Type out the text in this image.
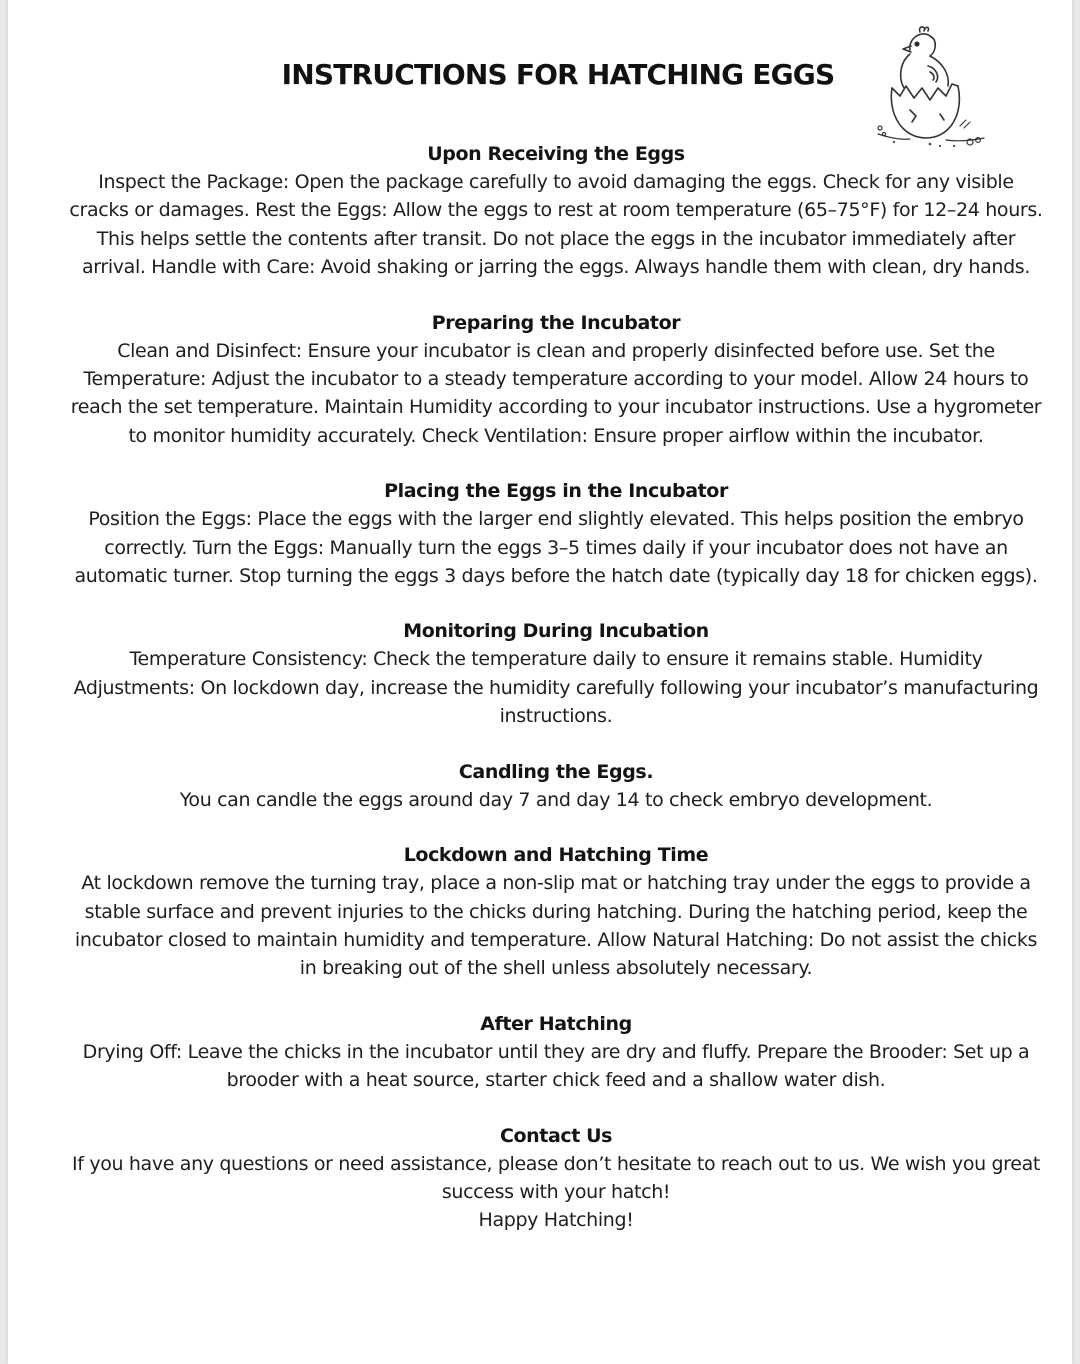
INSTRUCTIONS FOR HATCHING EGGS
Upon Receiving the Eggs

Inspect the Package: Open the package carefully to avoid damaging the eggs. Check for any visible cracks or damages. Rest the Eggs: Allow the eggs to rest at room temperature (65–75°F) for 12–24 hours. This helps settle the contents after transit. Do not place the eggs in the incubator immediately after arrival. Handle with Care: Avoid shaking or jarring the eggs. Always handle them with clean, dry hands.

Preparing the Incubator

Clean and Disinfect: Ensure your incubator is clean and properly disinfected before use. Set the Temperature: Adjust the incubator to a steady temperature according to your model. Allow 24 hours to reach the set temperature. Maintain Humidity according to your incubator instructions. Use a hygrometer to monitor humidity accurately. Check Ventilation: Ensure proper airflow within the incubator.

Placing the Eggs in the Incubator

Position the Eggs: Place the eggs with the larger end slightly elevated. This helps position the embryo correctly. Turn the Eggs: Manually turn the eggs 3–5 times daily if your incubator does not have an automatic turner. Stop turning the eggs 3 days before the hatch date (typically day 18 for chicken eggs).

Monitoring During Incubation

Temperature Consistency: Check the temperature daily to ensure it remains stable. Humidity Adjustments: On lockdown day, increase the humidity carefully following your incubator’s manufacturing instructions.

Candling the Eggs.

You can candle the eggs around day 7 and day 14 to check embryo development.

Lockdown and Hatching Time

At lockdown remove the turning tray, place a non-slip mat or hatching tray under the eggs to provide a stable surface and prevent injuries to the chicks during hatching. During the hatching period, keep the incubator closed to maintain humidity and temperature. Allow Natural Hatching: Do not assist the chicks in breaking out of the shell unless absolutely necessary.

After Hatching

Drying Off: Leave the chicks in the incubator until they are dry and fluffy. Prepare the Brooder: Set up a brooder with a heat source, starter chick feed and a shallow water dish.

Contact Us

If you have any questions or need assistance, please don’t hesitate to reach out to us. We wish you great success with your hatch!

Happy Hatching!
